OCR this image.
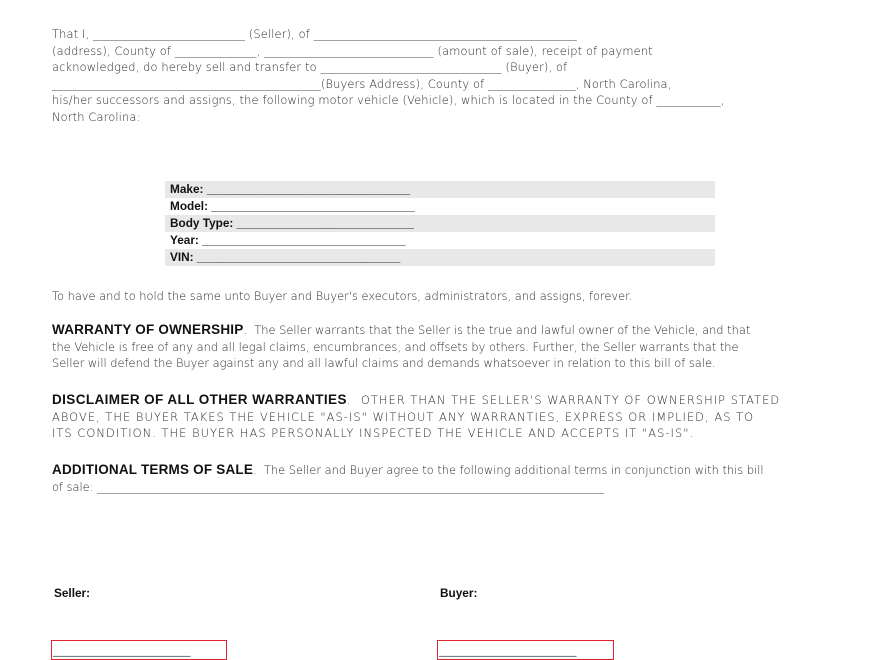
That I, __________________________ (Seller), of _____________________________________________
(address), County of ______________, _____________________________ (amount of sale), receipt of payment
acknowledged, do hereby sell and transfer to _______________________________ (Buyer), of
______________________________________________(Buyers Address), County of _______________, North Carolina,
his/her successors and assigns, the following motor vehicle (Vehicle), which is located in the County of ___________,
North Carolina:
Make: _______________________________
Model: _______________________________
Body Type: ___________________________
Year: _______________________________
VIN: _______________________________
To have and to hold the same unto Buyer and Buyer's executors, administrators, and assigns, forever.
WARRANTY OF OWNERSHIP.  The Seller warrants that the Seller is the true and lawful owner of the Vehicle, and that
the Vehicle is free of any and all legal claims, encumbrances, and offsets by others. Further, the Seller warrants that the
Seller will defend the Buyer against any and all lawful claims and demands whatsoever in relation to this bill of sale.
DISCLAIMER OF ALL OTHER WARRANTIES.  OTHER THAN THE SELLER'S WARRANTY OF OWNERSHIP STATED
ABOVE, THE BUYER TAKES THE VEHICLE "AS-IS" WITHOUT ANY WARRANTIES, EXPRESS OR IMPLIED, AS TO
ITS CONDITION. THE BUYER HAS PERSONALLY INSPECTED THE VEHICLE AND ACCEPTS IT "AS-IS".
ADDITIONAL TERMS OF SALE.  The Seller and Buyer agree to the following additional terms in conjunction with this bill
of sale: _________________________________________________________________________________________
Seller:	Buyer:
_________________________	_________________________
